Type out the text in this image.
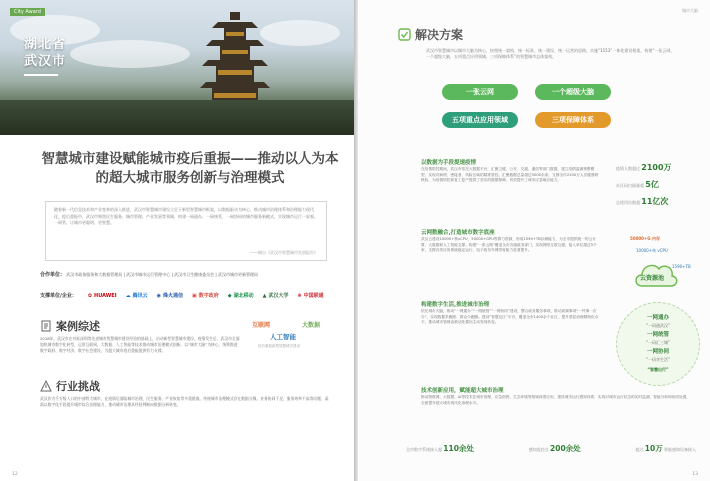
City Award
湖北省
武汉市
智慧城市建设赋能城市疫后重振——推动以人为本的超大城市服务创新与治理模式
随着新一代信息技术和产业变革的深入推进，武汉市智慧城市建设立足于新型智慧城市框架，以数据驱动为核心，推动城市治理体系和治理能力现代化。疫后重振中，武汉市聚焦民生服务、城市管理、产业发展等领域，构建一网通办、一网统管、一网协同的城市服务新模式，实现城市运行一屏观、一网管，让城市更聪明、更智慧。
——摘自《武汉市智慧城市发展报告》
合作单位： 武汉市政务服务和大数据管理局 | 武汉市城市运行管理中心 | 武汉市卫生健康委员会 | 武汉市城市更新管理局
支撑单位/企业： ✿ HUAWEI ☁ 腾讯云 ◉ 烽火通信 ▣ 数字政府 ◆ 湖北移动 ▲ 武汉大学 ❋ 中国联通
案例综述
2018年，武汉市在对标深圳等先进城市智慧城市建设经验的基础上，启动新型智慧城市建设。疫情发生后，武汉市全面加快城市数字化转型，运用互联网、大数据、人工智能等技术推动城市治理模式创新。以“城市大脑”为核心，统筹推进数字政府、数字经济、数字社会建设，为超大城市疫后重振提供有力支撑。
互联网	大数据
人工智能
疫后重振新型智慧城市建设
行业挑战
武汉作为千万级人口的中部特大城市，在疫情后面临城市治理、民生服务、产业恢复等多重挑战。传统城市治理模式存在数据分散、业务协同不足、服务效率不高等问题，亟需以数字化手段提升城市综合治理能力，推动城市治理从经验判断向数据分析转变。
12
城市大脑
解决方案
武汉市智慧城市以城市大脑为核心，按照统一架构、统一标准、统一建设、统一运营的思路，实施“1153”一体化建设框架，构建“一张云网、一个超级大脑、五项重点应用领域、三项保障体系”的智慧城市总体架构。
一张云网	一个超级大脑
五项重点应用领域	三项保障体系
以数据为手段提速疫情
在疫情防控期间，武汉市依托大数据平台，汇聚卫健、公安、交通、通信等部门数据，建立疫情监测预警模型，实现对病例、密接者、风险区域的精准管控。汇聚数据总量超过5000余条，支撑全市2100万人次健康码核验，为疫情防控和复工复产提供了坚实的数据保障，有效提升了城市应急响应能力。
疫情人数超过 2100万
社区码扫描量超 5亿
总使用次数超 11亿次
云网数融合,打造城市数字底座
武汉云建设10000+核vCPU、50000+GPU等算力资源，形成1590+TB存储能力，为全市提供统一的云计算、大数据和人工智能支撑。构建“一张云网”覆盖全市各级政务部门，实现网络互联互通，接入单位超过5千家，支撑各类应用系统稳定运行，电子政务外网带宽能力显著提升。
50000+G 内存
10000+核 vCPU
1590+TB
云资源池
构建数字生活,推进城市治理
依托城市大脑，推动“一网通办”“一网统管”“一网协同”建设，整合政务服务事项，推动高频事项“一件事一次办”，实现数据多跑路、群众少跑腿。建设“智慧社区”平台，覆盖全市1400余个社区，提升基层治理精细化水平，推动城市管理由被动处置向主动发现转变。
一网通办
“一码通武汉”
一网统管
“一码汇三城”
一网协同
“一码享生活”
“智慧出行”
技术创新应用，赋能超大城市治理
推动物联网、大数据、AI等技术在城市管理、应急指挥、生态环境等领域深度应用，建设城市运行感知体系，实现对城市运行状态的实时监测、智能分析和协同处置，全面提升超大城市现代化治理水平。
全市数字系统接入超 110余处	感知监控点 200余处	超过 10万 智能感知设备接入
13
